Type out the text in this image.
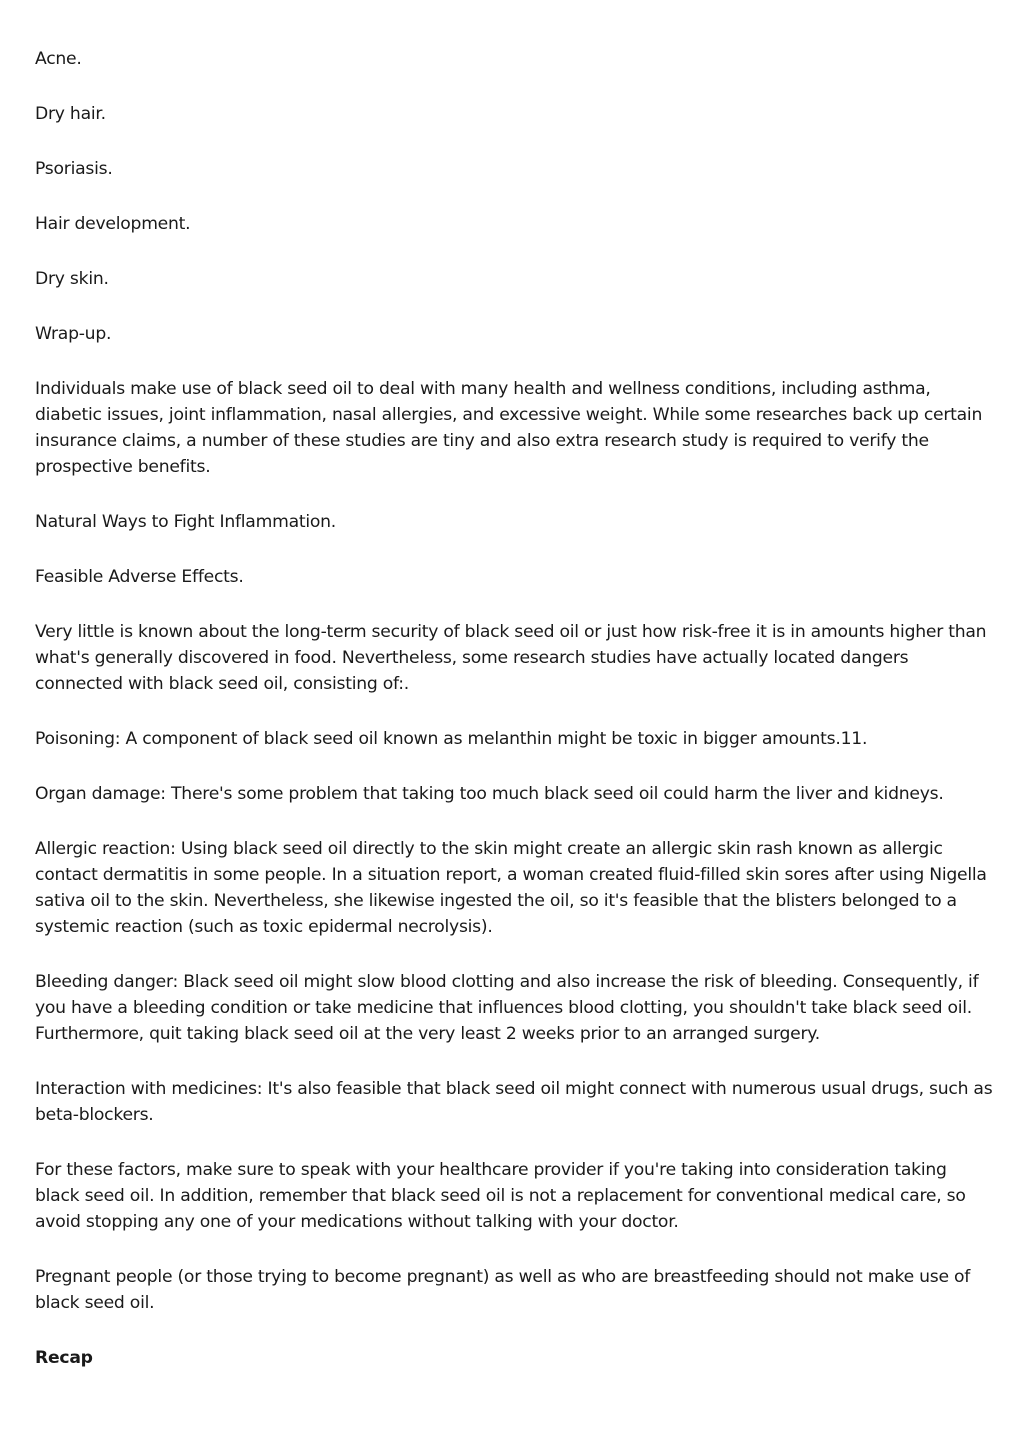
Acne.

Dry hair.

Psoriasis.

Hair development.

Dry skin.

Wrap-up.

Individuals make use of black seed oil to deal with many health and wellness conditions, including asthma, diabetic issues, joint inflammation, nasal allergies, and excessive weight. While some researches back up certain insurance claims, a number of these studies are tiny and also extra research study is required to verify the prospective benefits.

Natural Ways to Fight Inflammation.

Feasible Adverse Effects.

Very little is known about the long-term security of black seed oil or just how risk-free it is in amounts higher than what's generally discovered in food. Nevertheless, some research studies have actually located dangers connected with black seed oil, consisting of:.

Poisoning: A component of black seed oil known as melanthin might be toxic in bigger amounts.11.

Organ damage: There's some problem that taking too much black seed oil could harm the liver and kidneys.

Allergic reaction: Using black seed oil directly to the skin might create an allergic skin rash known as allergic contact dermatitis in some people. In a situation report, a woman created fluid-filled skin sores after using Nigella sativa oil to the skin. Nevertheless, she likewise ingested the oil, so it's feasible that the blisters belonged to a systemic reaction (such as toxic epidermal necrolysis).

Bleeding danger: Black seed oil might slow blood clotting and also increase the risk of bleeding. Consequently, if you have a bleeding condition or take medicine that influences blood clotting, you shouldn't take black seed oil. Furthermore, quit taking black seed oil at the very least 2 weeks prior to an arranged surgery.

Interaction with medicines: It's also feasible that black seed oil might connect with numerous usual drugs, such as beta-blockers.

For these factors, make sure to speak with your healthcare provider if you're taking into consideration taking black seed oil. In addition, remember that black seed oil is not a replacement for conventional medical care, so avoid stopping any one of your medications without talking with your doctor.

Pregnant people (or those trying to become pregnant) as well as who are breastfeeding should not make use of black seed oil.

Recap
